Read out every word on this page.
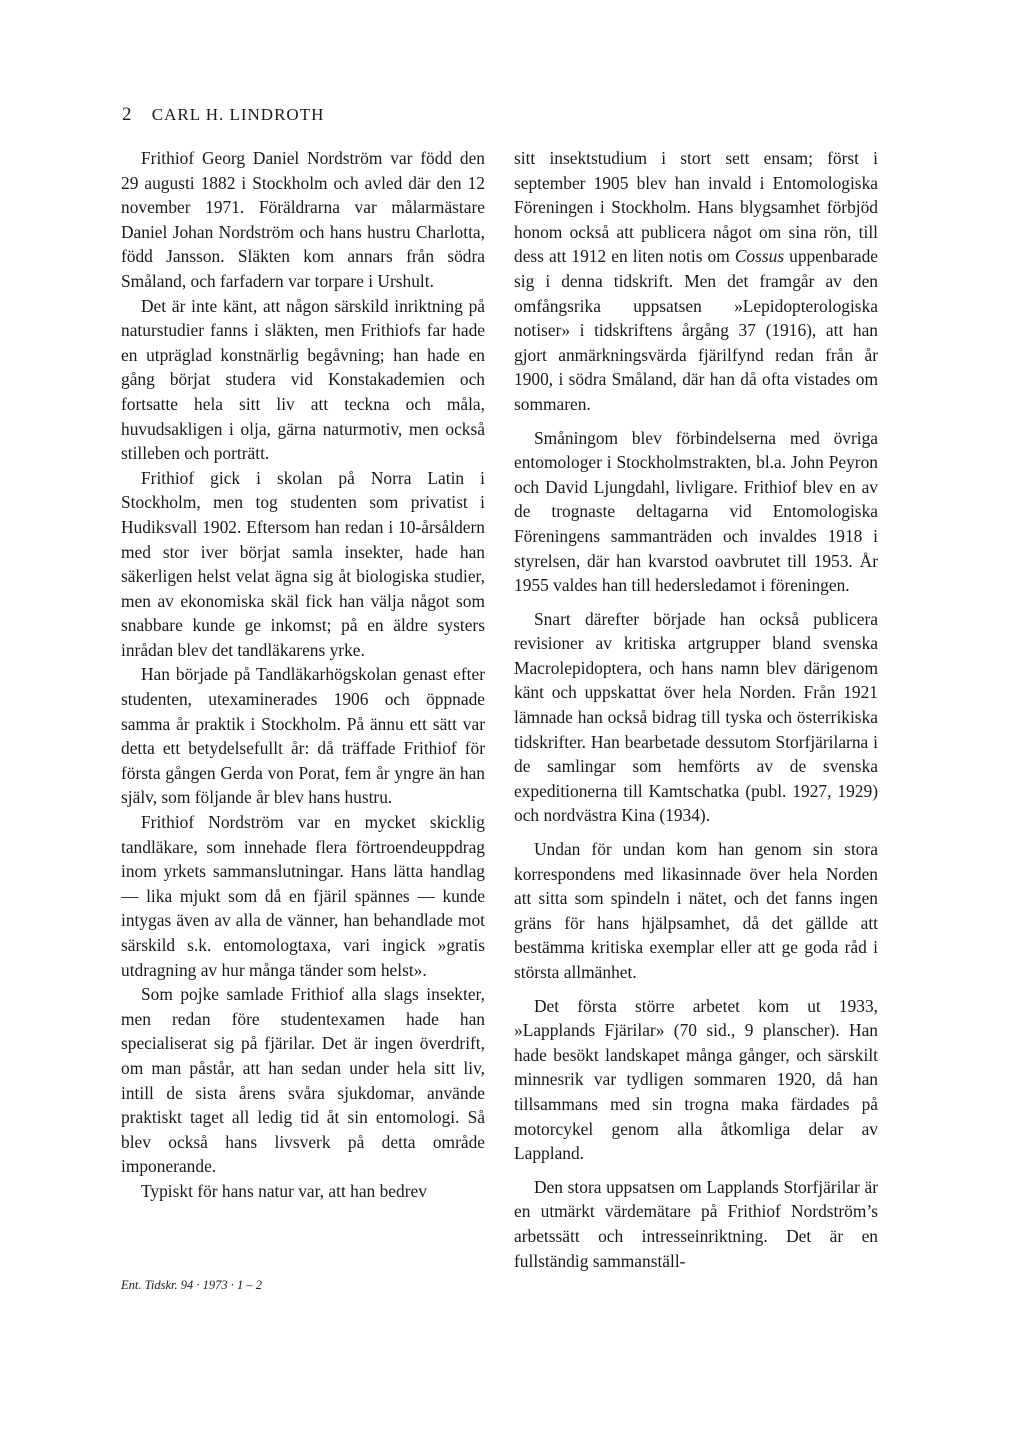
2 CARL H. LINDROTH

Frithiof Georg Daniel Nordström var född den 29 augusti 1882 i Stockholm och avled där den 12 november 1971. Föräldrarna var målarmästare Daniel Johan Nordström och hans hustru Charlotta, född Jansson. Släkten kom annars från södra Småland, och farfadern var torpare i Urshult.

Det är inte känt, att någon särskild inriktning på naturstudier fanns i släkten, men Frithiofs far hade en utpräglad konstnärlig begåvning; han hade en gång börjat studera vid Konstakademien och fortsatte hela sitt liv att teckna och måla, huvudsakligen i olja, gärna naturmotiv, men också stilleben och porträtt.

Frithiof gick i skolan på Norra Latin i Stockholm, men tog studenten som privatist i Hudiksvall 1902. Eftersom han redan i 10-årsåldern med stor iver börjat samla insekter, hade han säkerligen helst velat ägna sig åt biologiska studier, men av ekonomiska skäl fick han välja något som snabbare kunde ge inkomst; på en äldre systers inrådan blev det tandläkarens yrke.

Han började på Tandläkarhögskolan genast efter studenten, utexaminerades 1906 och öppnade samma år praktik i Stockholm. På ännu ett sätt var detta ett betydelsefullt år: då träffade Frithiof för första gången Gerda von Porat, fem år yngre än han själv, som följande år blev hans hustru.

Frithiof Nordström var en mycket skicklig tandläkare, som innehade flera förtroendeuppdrag inom yrkets sammanslutningar. Hans lätta handlag — lika mjukt som då en fjäril spännes — kunde intygas även av alla de vänner, han behandlade mot särskild s.k. entomologtaxa, vari ingick »gratis utdragning av hur många tänder som helst».

Som pojke samlade Frithiof alla slags insekter, men redan före studentexamen hade han specialiserat sig på fjärilar. Det är ingen överdrift, om man påstår, att han sedan under hela sitt liv, intill de sista årens svåra sjukdomar, använde praktiskt taget all ledig tid åt sin entomologi. Så blev också hans livsverk på detta område imponerande.

Typiskt för hans natur var, att han bedrev

sitt insektstudium i stort sett ensam; först i september 1905 blev han invald i Entomologiska Föreningen i Stockholm. Hans blygsamhet förbjöd honom också att publicera något om sina rön, till dess att 1912 en liten notis om Cossus uppenbarade sig i denna tidskrift. Men det framgår av den omfångsrika uppsatsen »Lepidopterologiska notiser» i tidskriftens årgång 37 (1916), att han gjort anmärkningsvärda fjärilfynd redan från år 1900, i södra Småland, där han då ofta vistades om sommaren.

Småningom blev förbindelserna med övriga entomologer i Stockholmstrakten, bl.a. John Peyron och David Ljungdahl, livligare. Frithiof blev en av de trognaste deltagarna vid Entomologiska Föreningens sammanträden och invaldes 1918 i styrelsen, där han kvarstod oavbrutet till 1953. År 1955 valdes han till hedersledamot i föreningen.

Snart därefter började han också publicera revisioner av kritiska artgrupper bland svenska Macrolepidoptera, och hans namn blev därigenom känt och uppskattat över hela Norden. Från 1921 lämnade han också bidrag till tyska och österrikiska tidskrifter. Han bearbetade dessutom Storfjärilarna i de samlingar som hemförts av de svenska expeditionerna till Kamtschatka (publ. 1927, 1929) och nordvästra Kina (1934).

Undan för undan kom han genom sin stora korrespondens med likasinnade över hela Norden att sitta som spindeln i nätet, och det fanns ingen gräns för hans hjälpsamhet, då det gällde att bestämma kritiska exemplar eller att ge goda råd i största allmänhet.

Det första större arbetet kom ut 1933, »Lapplands Fjärilar» (70 sid., 9 planscher). Han hade besökt landskapet många gånger, och särskilt minnesrik var tydligen sommaren 1920, då han tillsammans med sin trogna maka färdades på motorcykel genom alla åtkomliga delar av Lappland.

Den stora uppsatsen om Lapplands Storfjärilar är en utmärkt värdemätare på Frithiof Nordström’s arbetssätt och intresseinriktning. Det är en fullständig sammanställ-

Ent. Tidskr. 94 · 1973 · 1 – 2
